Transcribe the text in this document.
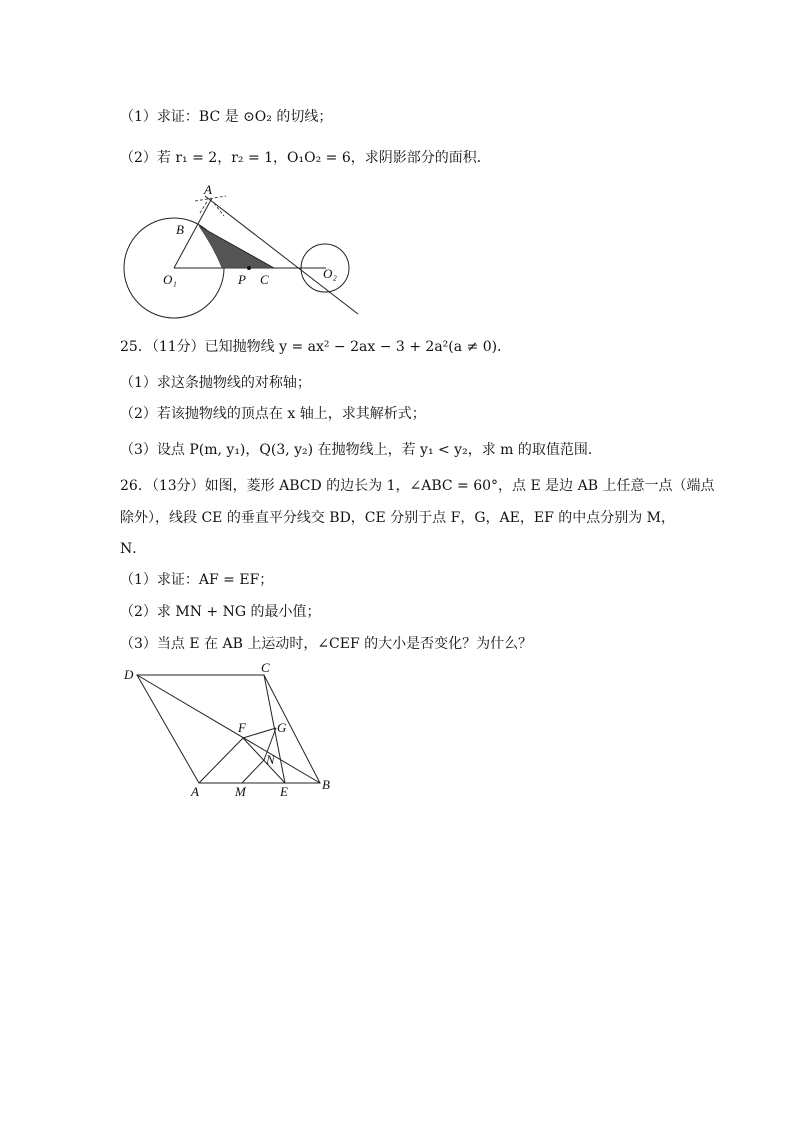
（1）求证：BC 是 ⊙O₂ 的切线；
（2）若 r₁ = 2，r₂ = 1，O₁O₂ = 6，求阴影部分的面积．
A
B
O₁	P C	O₂
25．（11分）已知抛物线 y = ax² − 2ax − 3 + 2a²(a ≠ 0)．
（1）求这条抛物线的对称轴；
（2）若该抛物线的顶点在 x 轴上，求其解析式；
（3）设点 P(m, y₁)，Q(3, y₂) 在抛物线上，若 y₁ < y₂，求 m 的取值范围．
26．（13分）如图，菱形 ABCD 的边长为 1，∠ABC = 60°，点 E 是边 AB 上任意一点（端点
除外），线段 CE 的垂直平分线交 BD，CE 分别于点 F，G，AE，EF 的中点分别为 M，
N．
（1）求证：AF = EF；
（2）求 MN + NG 的最小值；
（3）当点 E 在 AB 上运动时，∠CEF 的大小是否变化？为什么？
D	C
F G
N
A	M	E	B
